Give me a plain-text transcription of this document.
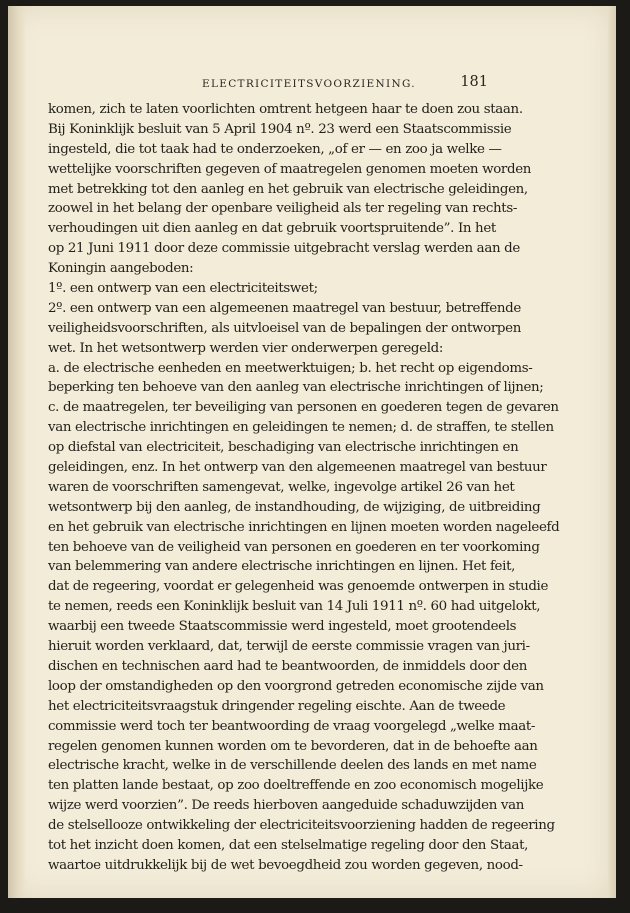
ELECTRICITEITSVOORZIENING.	181
komen, zich te laten voorlichten omtrent hetgeen haar te doen zou staan.
Bij Koninklijk besluit van 5 April 1904 nº. 23 werd een Staatscommissie
ingesteld, die tot taak had te onderzoeken, „of er — en zoo ja welke —
wettelijke voorschriften gegeven of maatregelen genomen moeten worden
met betrekking tot den aanleg en het gebruik van electrische geleidingen,
zoowel in het belang der openbare veiligheid als ter regeling van rechts-
verhoudingen uit dien aanleg en dat gebruik voortspruitende”. In het
op 21 Juni 1911 door deze commissie uitgebracht verslag werden aan de
Koningin aangeboden:
1º. een ontwerp van een electriciteitswet;
2º. een ontwerp van een algemeenen maatregel van bestuur, betreffende
veiligheidsvoorschriften, als uitvloeisel van de bepalingen der ontworpen
wet. In het wetsontwerp werden vier onderwerpen geregeld:
a. de electrische eenheden en meetwerktuigen; b. het recht op eigendoms-
beperking ten behoeve van den aanleg van electrische inrichtingen of lijnen;
c. de maatregelen, ter beveiliging van personen en goederen tegen de gevaren
van electrische inrichtingen en geleidingen te nemen; d. de straffen, te stellen
op diefstal van electriciteit, beschadiging van electrische inrichtingen en
geleidingen, enz. In het ontwerp van den algemeenen maatregel van bestuur
waren de voorschriften samengevat, welke, ingevolge artikel 26 van het
wetsontwerp bij den aanleg, de instandhouding, de wijziging, de uitbreiding
en het gebruik van electrische inrichtingen en lijnen moeten worden nageleefd
ten behoeve van de veiligheid van personen en goederen en ter voorkoming
van belemmering van andere electrische inrichtingen en lijnen. Het feit,
dat de regeering, voordat er gelegenheid was genoemde ontwerpen in studie
te nemen, reeds een Koninklijk besluit van 14 Juli 1911 nº. 60 had uitgelokt,
waarbij een tweede Staatscommissie werd ingesteld, moet grootendeels
hieruit worden verklaard, dat, terwijl de eerste commissie vragen van juri-
dischen en technischen aard had te beantwoorden, de inmiddels door den
loop der omstandigheden op den voorgrond getreden economische zijde van
het electriciteitsvraagstuk dringender regeling eischte. Aan de tweede
commissie werd toch ter beantwoording de vraag voorgelegd „welke maat-
regelen genomen kunnen worden om te bevorderen, dat in de behoefte aan
electrische kracht, welke in de verschillende deelen des lands en met name
ten platten lande bestaat, op zoo doeltreffende en zoo economisch mogelijke
wijze werd voorzien”. De reeds hierboven aangeduide schaduwzijden van
de stelsellooze ontwikkeling der electriciteitsvoorziening hadden de regeering
tot het inzicht doen komen, dat een stelselmatige regeling door den Staat,
waartoe uitdrukkelijk bij de wet bevoegdheid zou worden gegeven, nood-
